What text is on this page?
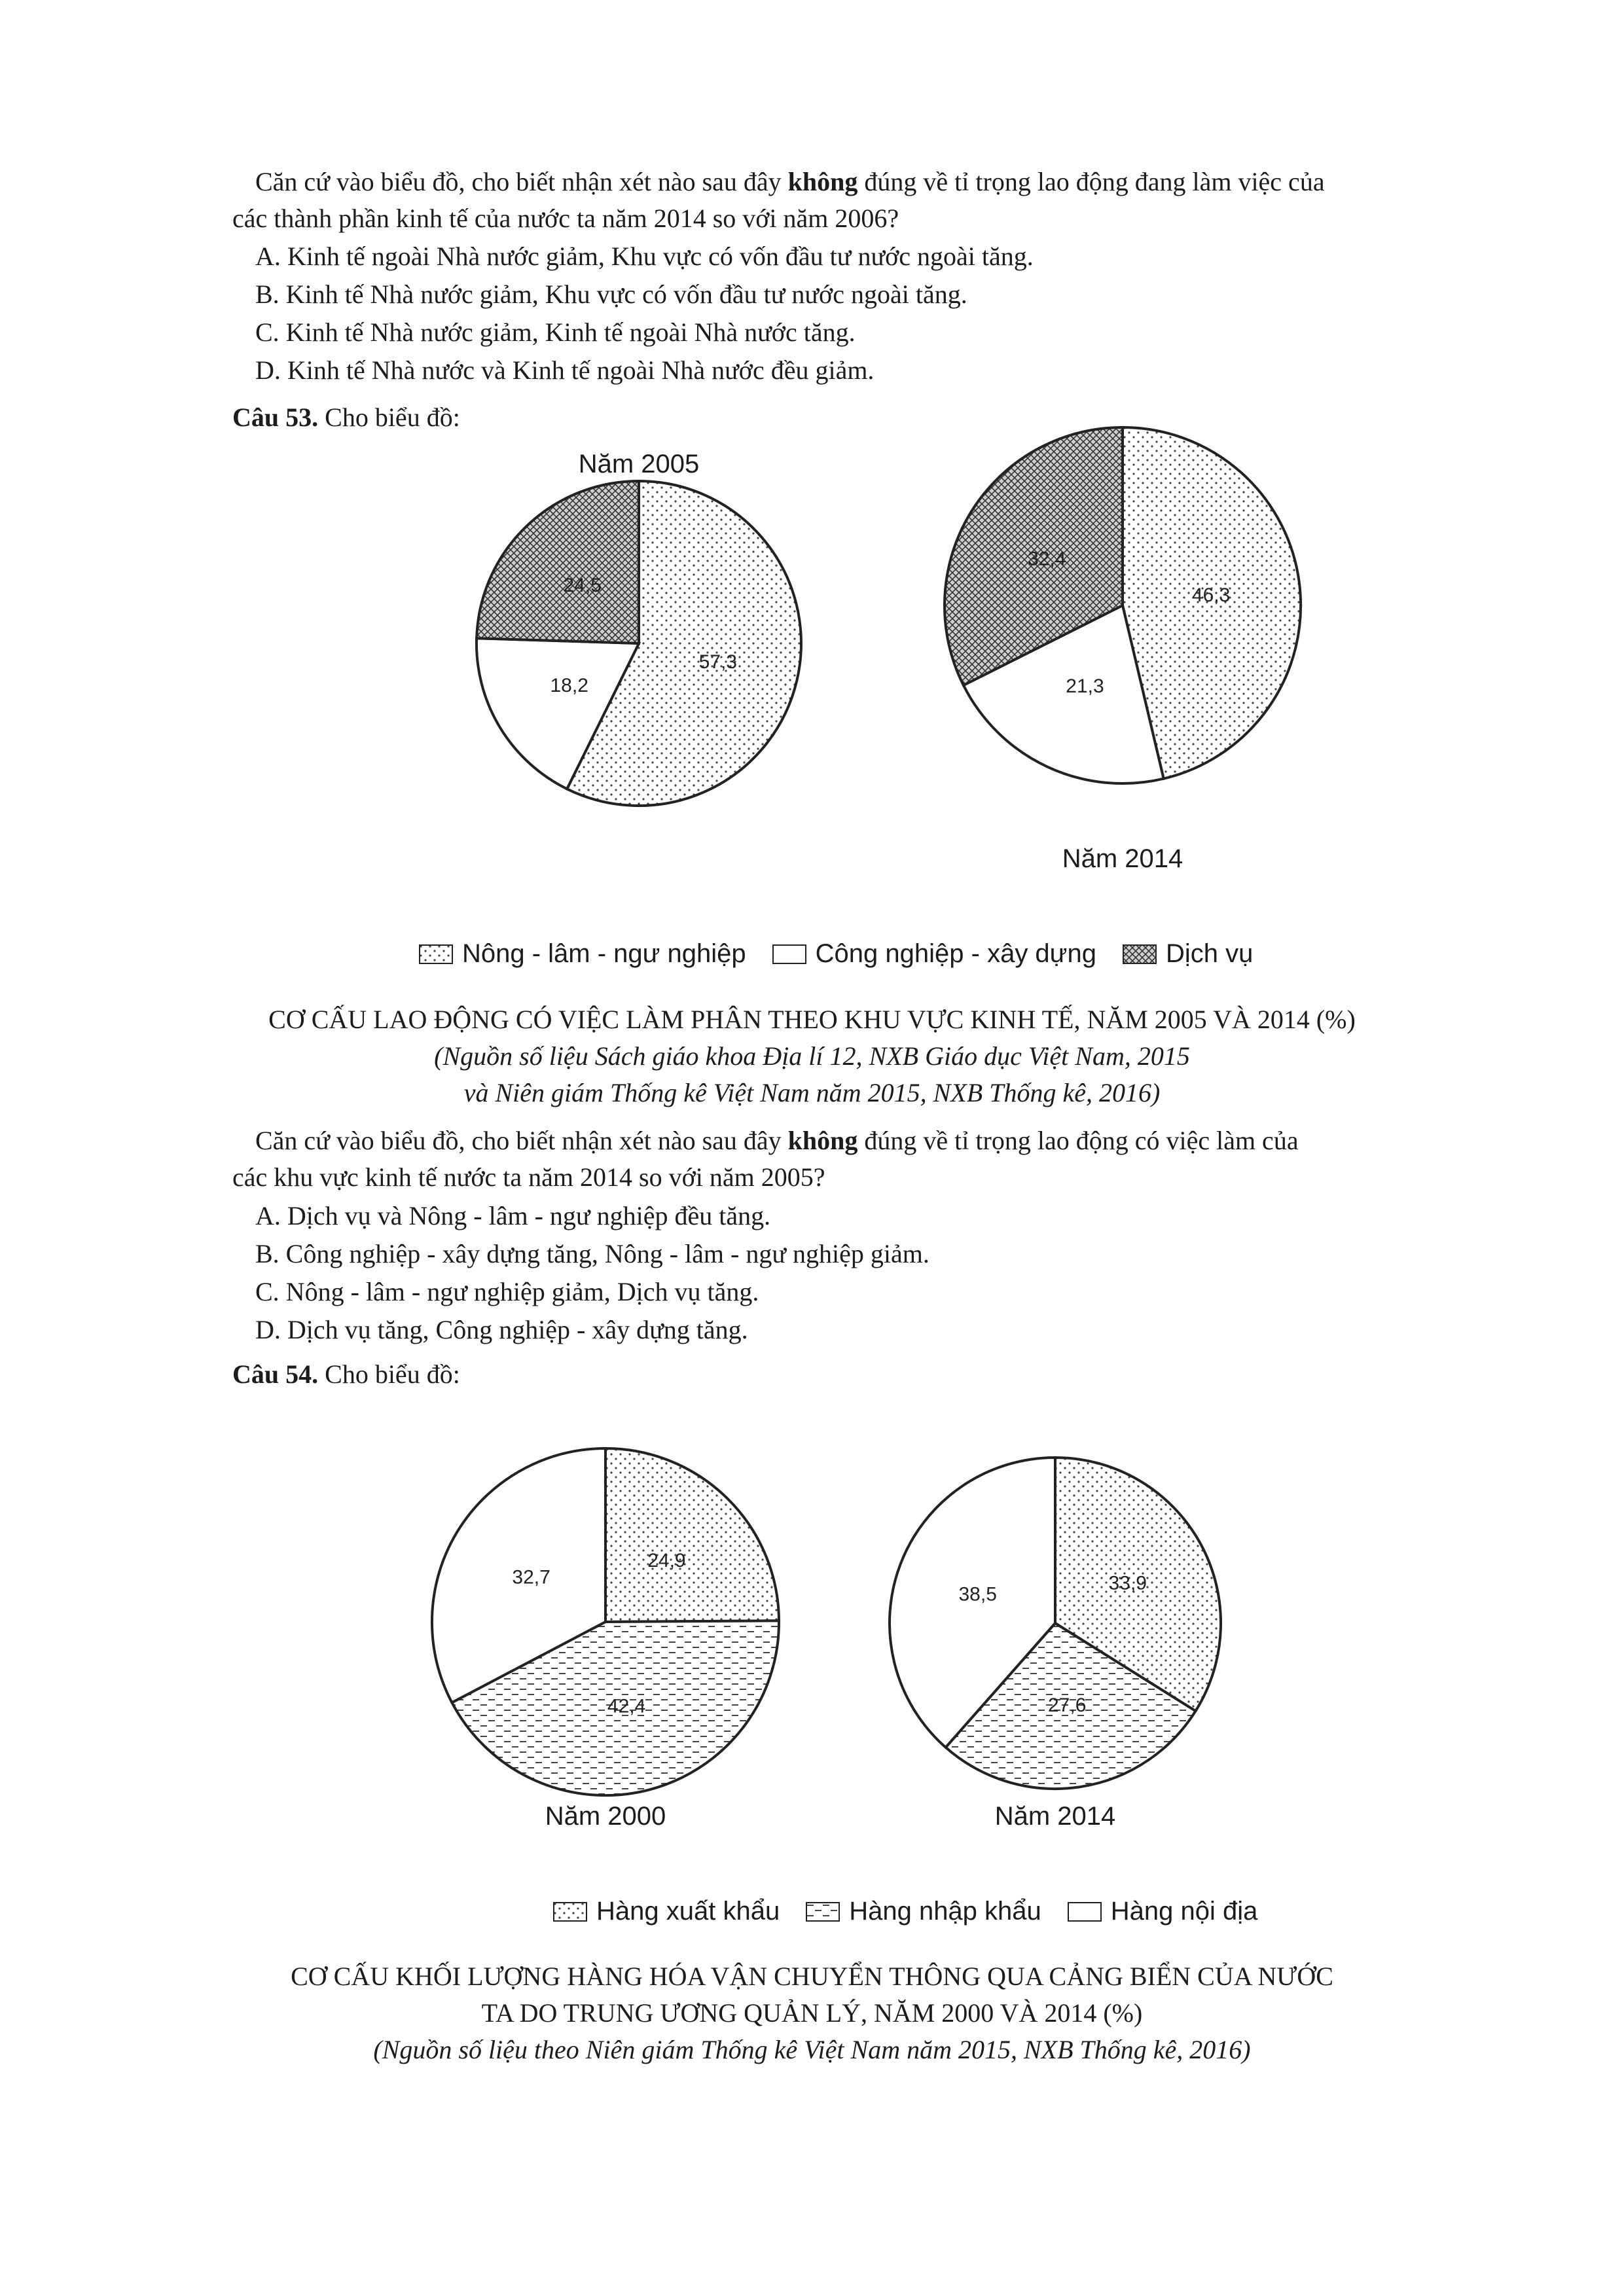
Căn cứ vào biểu đồ, cho biết nhận xét nào sau đây không đúng về tỉ trọng lao động đang làm việc của
các thành phần kinh tế của nước ta năm 2014 so với năm 2006?
A. Kinh tế ngoài Nhà nước giảm, Khu vực có vốn đầu tư nước ngoài tăng.
B. Kinh tế Nhà nước giảm, Khu vực có vốn đầu tư nước ngoài tăng.
C. Kinh tế Nhà nước giảm, Kinh tế ngoài Nhà nước tăng.
D. Kinh tế Nhà nước và Kinh tế ngoài Nhà nước đều giảm.
Câu 53. Cho biểu đồ:
57,3
18,2
24,5	46,3
21,3
32,4
24,9
42,4
32,7	33,9
27,6
38,5
Năm 2005
Năm 2014
Năm 2000	Năm 2014
Nông - lâm - ngư nghiệp	Công nghiệp - xây dựng	Dịch vụ
CƠ CẤU LAO ĐỘNG CÓ VIỆC LÀM PHÂN THEO KHU VỰC KINH TẾ, NĂM 2005 VÀ 2014 (%)
(Nguồn số liệu Sách giáo khoa Địa lí 12, NXB Giáo dục Việt Nam, 2015
và Niên giám Thống kê Việt Nam năm 2015, NXB Thống kê, 2016)
Căn cứ vào biểu đồ, cho biết nhận xét nào sau đây không đúng về tỉ trọng lao động có việc làm của
các khu vực kinh tế nước ta năm 2014 so với năm 2005?
A. Dịch vụ và Nông - lâm - ngư nghiệp đều tăng.
B. Công nghiệp - xây dựng tăng, Nông - lâm - ngư nghiệp giảm.
C. Nông - lâm - ngư nghiệp giảm, Dịch vụ tăng.
D. Dịch vụ tăng, Công nghiệp - xây dựng tăng.
Câu 54. Cho biểu đồ:
Hàng xuất khẩu	Hàng nhập khẩu	Hàng nội địa
CƠ CẤU KHỐI LƯỢNG HÀNG HÓA VẬN CHUYỂN THÔNG QUA CẢNG BIỂN CỦA NƯỚC
TA DO TRUNG ƯƠNG QUẢN LÝ, NĂM 2000 VÀ 2014 (%)
(Nguồn số liệu theo Niên giám Thống kê Việt Nam năm 2015, NXB Thống kê, 2016)
